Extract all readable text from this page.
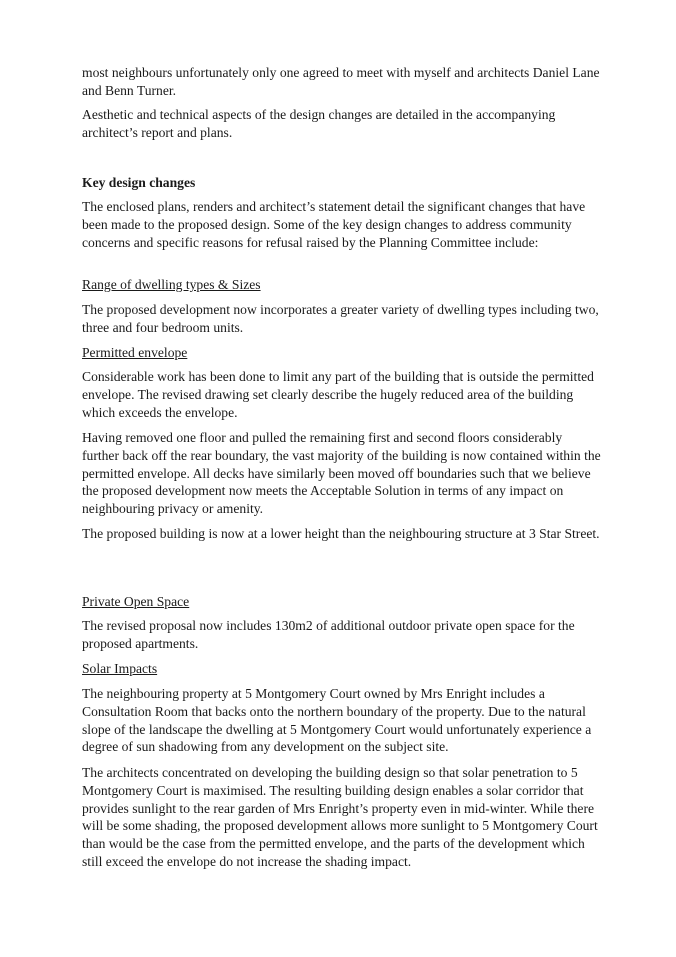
most neighbours unfortunately only one agreed to meet with myself and architects Daniel Lane and Benn Turner.

Aesthetic and technical aspects of the design changes are detailed in the accompanying architect’s report and plans.

Key design changes

The enclosed plans, renders and architect’s statement detail the significant changes that have been made to the proposed design. Some of the key design changes to address community concerns and specific reasons for refusal raised by the Planning Committee include:

Range of dwelling types & Sizes

The proposed development now incorporates a greater variety of dwelling types including two, three and four bedroom units.

Permitted envelope

Considerable work has been done to limit any part of the building that is outside the permitted envelope. The revised drawing set clearly describe the hugely reduced area of the building which exceeds the envelope.

Having removed one floor and pulled the remaining first and second floors considerably further back off the rear boundary, the vast majority of the building is now contained within the permitted envelope. All decks have similarly been moved off boundaries such that we believe the proposed development now meets the Acceptable Solution in terms of any impact on neighbouring privacy or amenity.

The proposed building is now at a lower height than the neighbouring structure at 3 Star Street.

Private Open Space

The revised proposal now includes 130m2 of additional outdoor private open space for the proposed apartments.

Solar Impacts

The neighbouring property at 5 Montgomery Court owned by Mrs Enright includes a Consultation Room that backs onto the northern boundary of the property. Due to the natural slope of the landscape the dwelling at 5 Montgomery Court would unfortunately experience a degree of sun shadowing from any development on the subject site.

The architects concentrated on developing the building design so that solar penetration to 5 Montgomery Court is maximised. The resulting building design enables a solar corridor that provides sunlight to the rear garden of Mrs Enright’s property even in mid-winter. While there will be some shading, the proposed development allows more sunlight to 5 Montgomery Court than would be the case from the permitted envelope, and the parts of the development which still exceed the envelope do not increase the shading impact.
